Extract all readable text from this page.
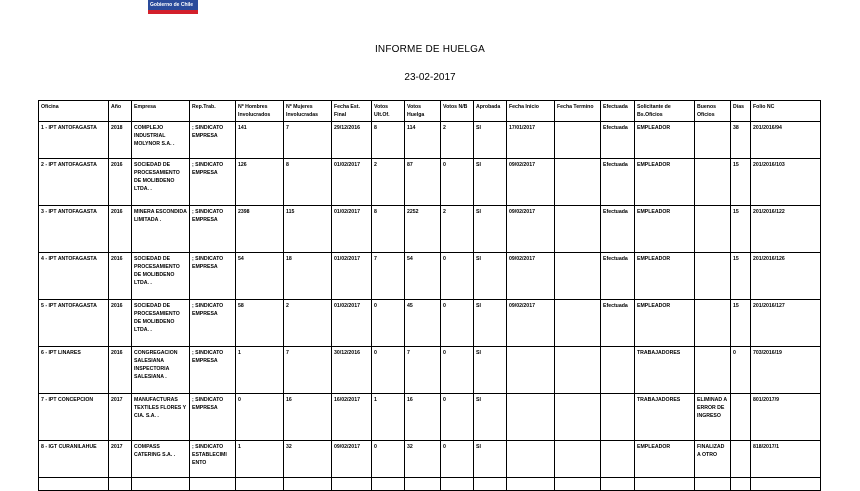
Gobierno de Chile
INFORME DE HUELGA
23-02-2017
Oficina	Año	Empresa	Rep.Trab.	Nº Hombres Involucrados	Nº Mujeres Involucradas	Fecha Est. Final	Votos Ult.Of.	Votos Huelga	Votos N/B	Aprobada	Fecha Inicio	Fecha Termino	Efectuada	Solicitante de Bs.Oficios	Buenos Oficios	Días	Folio NC
1 - IPT ANTOFAGASTA	2018	COMPLEJO INDUSTRIAL MOLYNOR S.A. .	; SINDICATO EMPRESA	141	7	29/12/2016	8	114	2	SI	17/01/2017		Efectuada	EMPLEADOR		38	201/2016/94
2 - IPT ANTOFAGASTA	2016	SOCIEDAD DE PROCESAMIENTO DE MOLIBDENO LTDA. .	; SINDICATO EMPRESA	126	8	01/02/2017	2	87	0	SI	09/02/2017		Efectuada	EMPLEADOR		15	201/2016/103
3 - IPT ANTOFAGASTA	2016	MINERA ESCONDIDA LIMITADA .	; SINDICATO EMPRESA	2398	115	01/02/2017	8	2252	2	SI	09/02/2017		Efectuada	EMPLEADOR		15	201/2016/122
4 - IPT ANTOFAGASTA	2016	SOCIEDAD DE PROCESAMIENTO DE MOLIBDENO LTDA. .	; SINDICATO EMPRESA	54	18	01/02/2017	7	54	0	SI	09/02/2017		Efectuada	EMPLEADOR		15	201/2016/126
5 - IPT ANTOFAGASTA	2016	SOCIEDAD DE PROCESAMIENTO DE MOLIBDENO LTDA. .	; SINDICATO EMPRESA	58	2	01/02/2017	0	45	0	SI	09/02/2017		Efectuada	EMPLEADOR		15	201/2016/127
6 - IPT LINARES	2016	CONGREGACION SALESIANA INSPECTORIA SALESIANA .	; SINDICATO EMPRESA	1	7	30/12/2016	0	7	0	SI				TRABAJADORES		0	703/2016/19
7 - IPT CONCEPCION	2017	MANUFACTURAS TEXTILES FLORES Y CIA. S.A. .	; SINDICATO EMPRESA	0	16	16/02/2017	1	16	0	SI				TRABAJADORES	ELIMINAD A ERROR DE INGRESO		801/2017/9
8 - IGT CURANILAHUE	2017	COMPASS CATERING S.A. .	; SINDICATO ESTABLECIMI ENTO	1	32	09/02/2017	0	32	0	SI				EMPLEADOR	FINALIZAD A OTRO		818/2017/1
